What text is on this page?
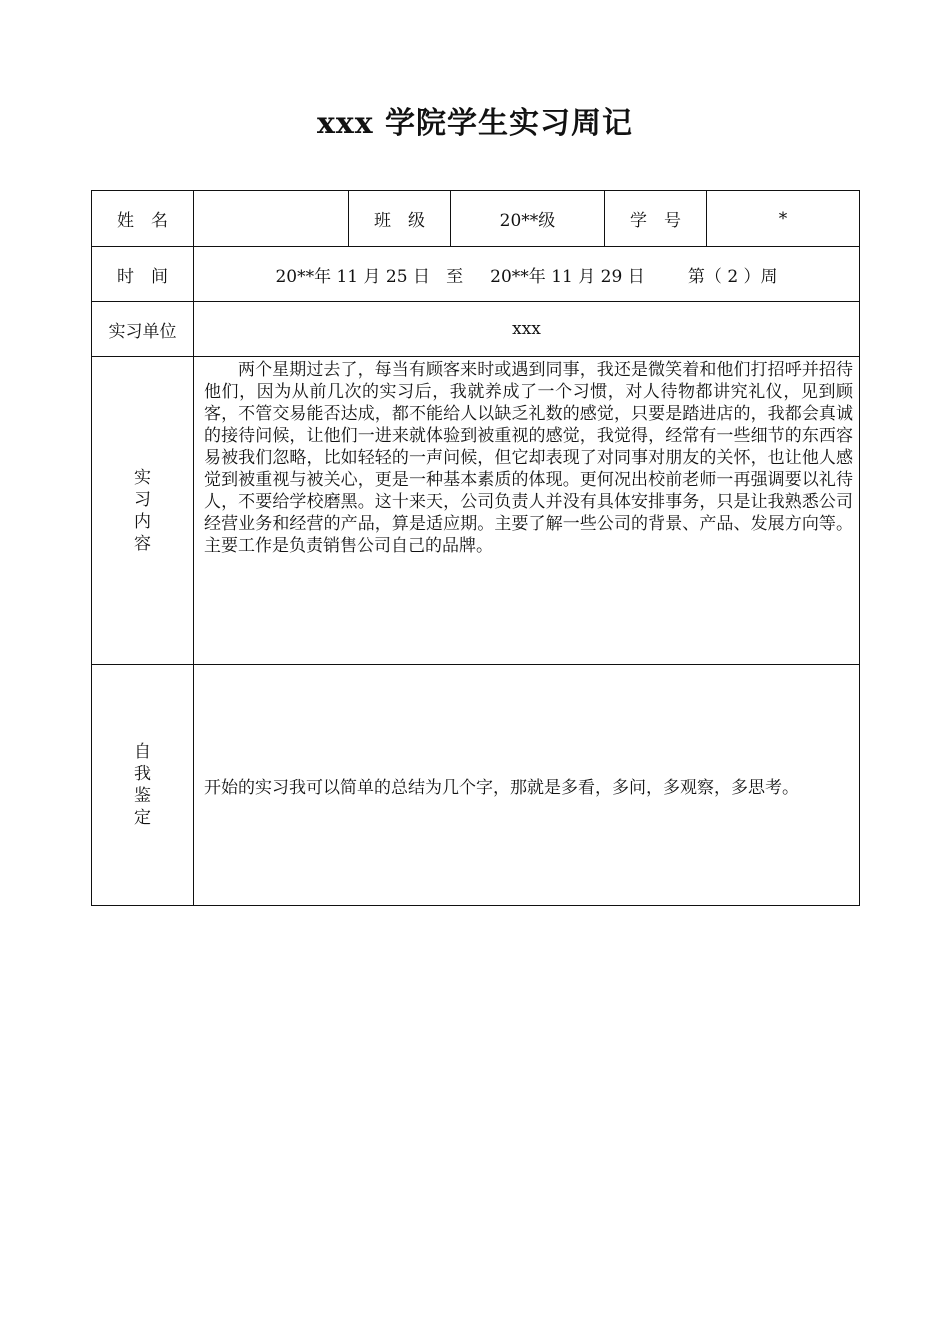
xxx 学院学生实习周记
姓　名		班　级	20**级	学　号	*
时　间	20**年 11 月 25 日   至     20**年 11 月 29 日        第（ 2 ）周				
实习单位	xxx				
实习内容	两个星期过去了，每当有顾客来时或遇到同事，我还是微笑着和他们打招呼并招待他们，因为从前几次的实习后，我就养成了一个习惯，对人待物都讲究礼仪，见到顾客，不管交易能否达成，都不能给人以缺乏礼数的感觉，只要是踏进店的，我都会真诚的接待问候，让他们一进来就体验到被重视的感觉，我觉得，经常有一些细节的东西容易被我们忽略，比如轻轻的一声问候，但它却表现了对同事对朋友的关怀，也让他人感觉到被重视与被关心，更是一种基本素质的体现。更何况出校前老师一再强调要以礼待人，不要给学校磨黑。这十来天，公司负责人并没有具体安排事务，只是让我熟悉公司经营业务和经营的产品，算是适应期。主要了解一些公司的背景、产品、发展方向等。主要工作是负责销售公司自己的品牌。				

自我鉴定	开始的实习我可以简单的总结为几个字，那就是多看，多问，多观察，多思考。				
